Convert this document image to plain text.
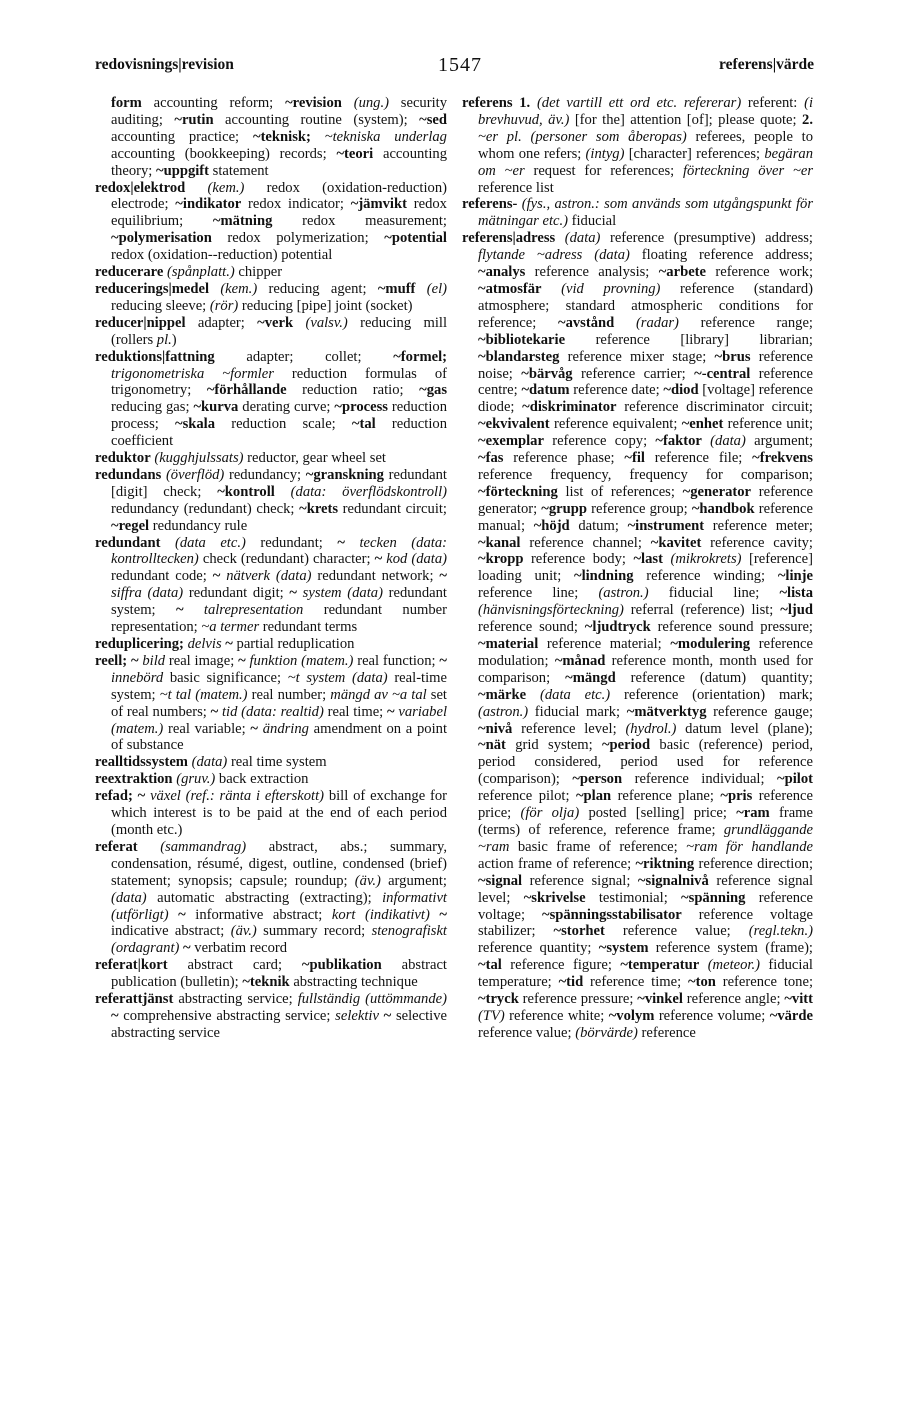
redovisnings|revision	1547	referens|värde

form accounting reform; ~revision (ung.) security auditing; ~rutin accounting routine (system); ~sed accounting practice; ~teknisk; ~tekniska underlag accounting (bookkeeping) records; ~teori accounting theory; ~uppgift statement

redox|elektrod (kem.) redox (oxidation-reduction) electrode; ~indikator redox indicator; ~jämvikt redox equilibrium; ~mätning redox measurement; ~polymerisation redox polymerization; ~potential redox (oxidation--reduction) potential

reducerare (spånplatt.) chipper

reducerings|medel (kem.) reducing agent; ~muff (el) reducing sleeve; (rör) reducing [pipe] joint (socket)

reducer|nippel adapter; ~verk (valsv.) reducing mill (rollers pl.)

reduktions|fattning adapter; collet; ~formel; trigonometriska ~formler reduction formulas of trigonometry; ~förhållande reduction ratio; ~gas reducing gas; ~kurva derating curve; ~process reduction process; ~skala reduction scale; ~tal reduction coefficient

reduktor (kugghjulssats) reductor, gear wheel set

redundans (överflöd) redundancy; ~granskning redundant [digit] check; ~kontroll (data: överflödskontroll) redundancy (redundant) check; ~krets redundant circuit; ~regel redundancy rule

redundant (data etc.) redundant; ~ tecken (data: kontrolltecken) check (redundant) character; ~ kod (data) redundant code; ~ nätverk (data) redundant network; ~ siffra (data) redundant digit; ~ system (data) redundant system; ~ talrepresentation redundant number representation; ~a termer redundant terms

reduplicering; delvis ~ partial reduplication

reell; ~ bild real image; ~ funktion (matem.) real function; ~ innebörd basic significance; ~t system (data) real-time system; ~t tal (matem.) real number; mängd av ~a tal set of real numbers; ~ tid (data: realtid) real time; ~ variabel (matem.) real variable; ~ ändring amendment on a point of substance

realltidssystem (data) real time system

reextraktion (gruv.) back extraction

refad; ~ växel (ref.: ränta i efterskott) bill of exchange for which interest is to be paid at the end of each period (month etc.)

referat (sammandrag) abstract, abs.; summary, condensation, résumé, digest, outline, condensed (brief) statement; synopsis; capsule; roundup; (äv.) argument; (data) automatic abstracting (extracting); informativt (utförligt) ~ informative abstract; kort (indikativt) ~ indicative abstract; (äv.) summary record; stenografiskt (ordagrant) ~ verbatim record

referat|kort abstract card; ~publikation abstract publication (bulletin); ~teknik abstracting technique

referattjänst abstracting service; fullständig (uttömmande) ~ comprehensive abstracting service; selektiv ~ selective abstracting service

referens 1. (det vartill ett ord etc. refererar) referent: (i brevhuvud, äv.) [for the] attention [of]; please quote; 2. ~er pl. (personer som åberopas) referees, people to whom one refers; (intyg) [character] references; begäran om ~er request for references; förteckning över ~er reference list

referens- (fys., astron.: som används som utgångspunkt för mätningar etc.) fiducial

referens|adress (data) reference (presumptive) address; flytande ~adress (data) floating reference address; ~analys reference analysis; ~arbete reference work; ~atmosfär (vid provning) reference (standard) atmosphere; standard atmospheric conditions for reference; ~avstånd (radar) reference range; ~bibliotekarie reference [library] librarian; ~blandarsteg reference mixer stage; ~brus reference noise; ~bärvåg reference carrier; ~-central reference centre; ~datum reference date; ~diod [voltage] reference diode; ~diskriminator reference discriminator circuit; ~ekvivalent reference equivalent; ~enhet reference unit; ~exemplar reference copy; ~faktor (data) argument; ~fas reference phase; ~fil reference file; ~frekvens reference frequency, frequency for comparison; ~förteckning list of references; ~generator reference generator; ~grupp reference group; ~handbok reference manual; ~höjd datum; ~instrument reference meter; ~kanal reference channel; ~kavitet reference cavity; ~kropp reference body; ~last (mikrokrets) [reference] loading unit; ~lindning reference winding; ~linje reference line; (astron.) fiducial line; ~lista (hänvisningsförteckning) referral (reference) list; ~ljud reference sound; ~ljudtryck reference sound pressure; ~material reference material; ~modulering reference modulation; ~månad reference month, month used for comparison; ~mängd reference (datum) quantity; ~märke (data etc.) reference (orientation) mark; (astron.) fiducial mark; ~mätverktyg reference gauge; ~nivå reference level; (hydrol.) datum level (plane); ~nät grid system; ~period basic (reference) period, period considered, period used for reference (comparison); ~person reference individual; ~pilot reference pilot; ~plan reference plane; ~pris reference price; (för olja) posted [selling] price; ~ram frame (terms) of reference, reference frame; grundläggande ~ram basic frame of reference; ~ram för handlande action frame of reference; ~riktning reference direction; ~signal reference signal; ~signalnivå reference signal level; ~skrivelse testimonial; ~spänning reference voltage; ~spänningsstabilisator reference voltage stabilizer; ~storhet reference value; (regl.tekn.) reference quantity; ~system reference system (frame); ~tal reference figure; ~temperatur (meteor.) fiducial temperature; ~tid reference time; ~ton reference tone; ~tryck reference pressure; ~vinkel reference angle; ~vitt (TV) reference white; ~volym reference volume; ~värde reference value; (börvärde) reference
